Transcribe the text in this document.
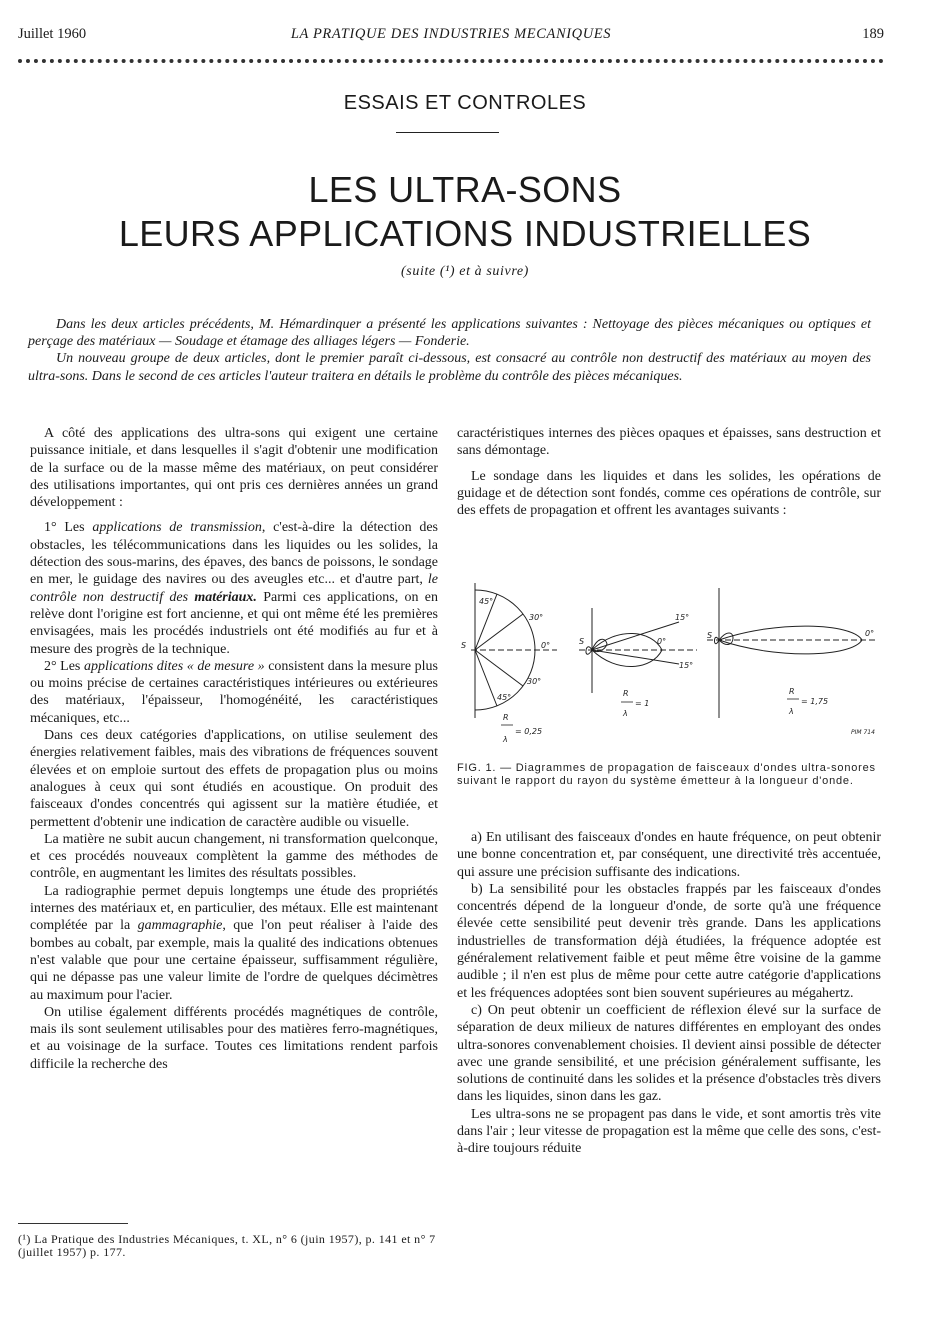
Juillet 1960	LA PRATIQUE DES INDUSTRIES MECANIQUES	189
ESSAIS ET CONTROLES
LES ULTRA-SONS
LEURS APPLICATIONS INDUSTRIELLES
(suite (¹) et à suivre)

Dans les deux articles précédents, M. Hémardinquer a présenté les applications suivantes : Nettoyage des pièces mécaniques ou optiques et perçage des matériaux — Soudage et étamage des alliages légers — Fonderie.

Un nouveau groupe de deux articles, dont le premier paraît ci-dessous, est consacré au contrôle non destructif des matériaux au moyen des ultra-sons. Dans le second de ces articles l'auteur traitera en détails le problème du contrôle des pièces mécaniques.

A côté des applications des ultra-sons qui exigent une certaine puissance initiale, et dans lesquelles il s'agit d'obtenir une modification de la surface ou de la masse même des matériaux, on peut considérer des utilisations importantes, qui ont pris ces dernières années un grand développement :

1° Les applications de transmission, c'est-à-dire la détection des obstacles, les télécommunications dans les liquides ou les solides, la détection des sous-marins, des épaves, des bancs de poissons, le sondage en mer, le guidage des navires ou des aveugles etc... et d'autre part, le contrôle non destructif des matériaux. Parmi ces applications, on en relève dont l'origine est fort ancienne, et qui ont même été les premières envisagées, mais les procédés industriels ont été modifiés au fur et à mesure des progrès de la technique.

2° Les applications dites « de mesure » consistent dans la mesure plus ou moins précise de certaines caractéristiques intérieures ou extérieures des matériaux, l'épaisseur, l'homogénéité, les caractéristiques mécaniques, etc...

Dans ces deux catégories d'applications, on utilise seulement des énergies relativement faibles, mais des vibrations de fréquences souvent élevées et on emploie surtout des effets de propagation plus ou moins analogues à ceux qui sont étudiés en acoustique. On produit des faisceaux d'ondes concentrés qui agissent sur la matière étudiée, et permettent d'obtenir une indication de caractère audible ou visuelle.

La matière ne subit aucun changement, ni transformation quelconque, et ces procédés nouveaux complètent la gamme des méthodes de contrôle, en augmentant les limites des résultats possibles.

La radiographie permet depuis longtemps une étude des propriétés internes des matériaux et, en particulier, des métaux. Elle est maintenant complétée par la gammagraphie, que l'on peut réaliser à l'aide des bombes au cobalt, par exemple, mais la qualité des indications obtenues n'est valable que pour une certaine épaisseur, suffisamment régulière, qui ne dépasse pas une valeur limite de l'ordre de quelques décimètres au maximum pour l'acier.

On utilise également différents procédés magnétiques de contrôle, mais ils sont seulement utilisables pour des matières ferro-magnétiques, et au voisinage de la surface. Toutes ces limitations rendent parfois difficile la recherche des

caractéristiques internes des pièces opaques et épaisses, sans destruction et sans démontage.

Le sondage dans les liquides et dans les solides, les opérations de guidage et de détection sont fondés, comme ces opérations de contrôle, sur des effets de propagation et offrent les avantages suivants :

S
45°
30°
0°
30°
45°
R
λ
= 0,25
S	0°
15°
15°
R
λ
= 1
S	0°
R
λ
= 1,75
PIM 714
FIG. 1. — Diagrammes de propagation de faisceaux d'ondes ultra-sonores suivant le rapport du rayon du système émetteur à la longueur d'onde.

a) En utilisant des faisceaux d'ondes en haute fréquence, on peut obtenir une bonne concentration et, par conséquent, une directivité très accentuée, qui assure une précision suffisante des indications.

b) La sensibilité pour les obstacles frappés par les faisceaux d'ondes concentrés dépend de la longueur d'onde, de sorte qu'à une fréquence élevée cette sensibilité peut devenir très grande. Dans les applications industrielles de transformation déjà étudiées, la fréquence adoptée est généralement relativement faible et peut même être voisine de la gamme audible ; il n'en est plus de même pour cette autre catégorie d'applications et les fréquences adoptées sont bien souvent supérieures au mégahertz.

c) On peut obtenir un coefficient de réflexion élevé sur la surface de séparation de deux milieux de natures différentes en employant des ondes ultra-sonores convenablement choisies. Il devient ainsi possible de détecter avec une grande sensibilité, et une précision généralement suffisante, les solutions de continuité dans les solides et la présence d'obstacles très divers dans les liquides, sinon dans les gaz.

Les ultra-sons ne se propagent pas dans le vide, et sont amortis très vite dans l'air ; leur vitesse de propagation est la même que celle des sons, c'est-à-dire toujours réduite

(¹) La Pratique des Industries Mécaniques, t. XL, n° 6 (juin 1957), p. 141 et n° 7 (juillet 1957) p. 177.
